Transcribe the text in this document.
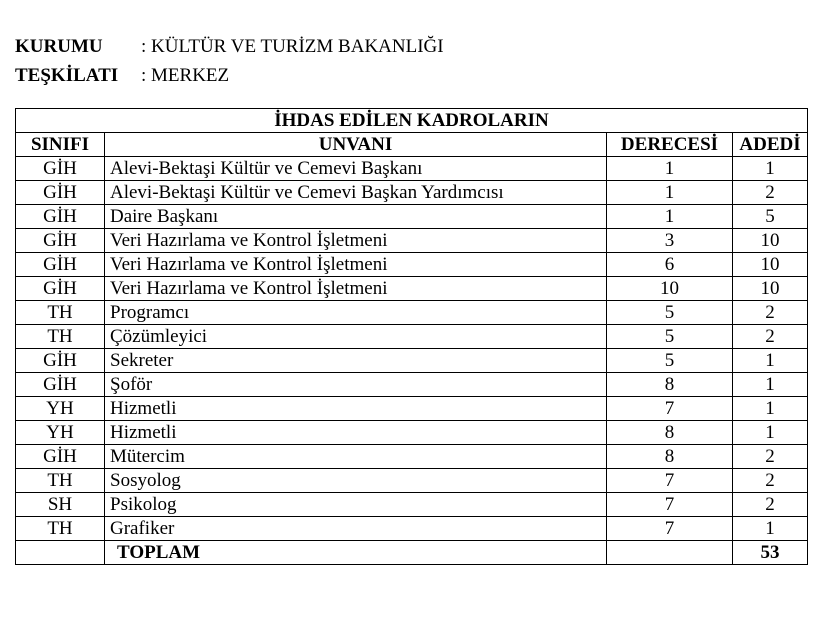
KURUMU : KÜLTÜR VE TURİZM BAKANLIĞI
TEŞKİLATI : MERKEZ
İHDAS EDİLEN KADROLARIN			
SINIFI	UNVANI	DERECESİ	ADEDİ
GİH	Alevi-Bektaşi Kültür ve Cemevi Başkanı	1	1
GİH	Alevi-Bektaşi Kültür ve Cemevi Başkan Yardımcısı	1	2
GİH	Daire Başkanı	1	5
GİH	Veri Hazırlama ve Kontrol İşletmeni	3	10
GİH	Veri Hazırlama ve Kontrol İşletmeni	6	10
GİH	Veri Hazırlama ve Kontrol İşletmeni	10	10
TH	Programcı	5	2
TH	Çözümleyici	5	2
GİH	Sekreter	5	1
GİH	Şoför	8	1
YH	Hizmetli	7	1
YH	Hizmetli	8	1
GİH	Mütercim	8	2
TH	Sosyolog	7	2
SH	Psikolog	7	2
TH	Grafiker	7	1
	TOPLAM		53
